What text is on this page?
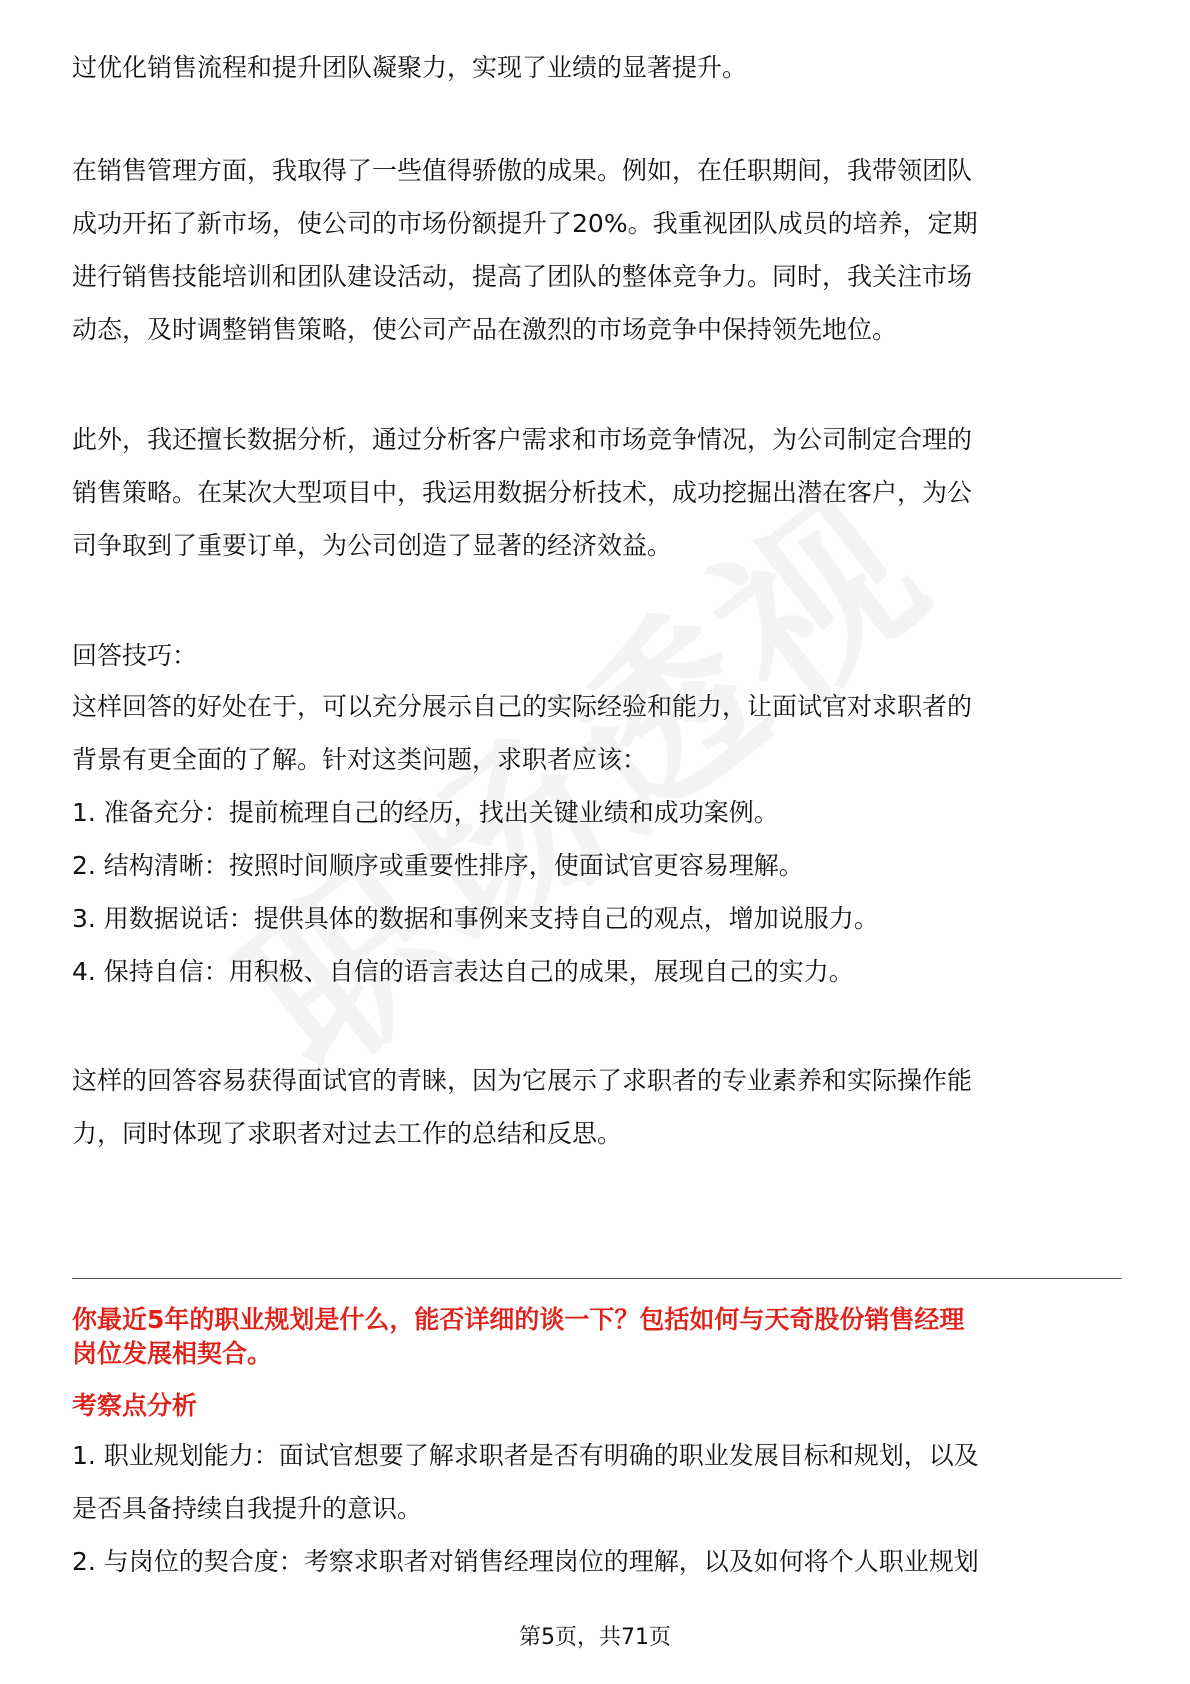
过优化销售流程和提升团队凝聚力，实现了业绩的显著提升。
在销售管理方面，我取得了一些值得骄傲的成果。例如，在任职期间，我带领团队
成功开拓了新市场，使公司的市场份额提升了20%。我重视团队成员的培养，定期
进行销售技能培训和团队建设活动，提高了团队的整体竞争力。同时，我关注市场
动态，及时调整销售策略，使公司产品在激烈的市场竞争中保持领先地位。
此外，我还擅长数据分析，通过分析客户需求和市场竞争情况，为公司制定合理的
销售策略。在某次大型项目中，我运用数据分析技术，成功挖掘出潜在客户，为公
司争取到了重要订单，为公司创造了显著的经济效益。
回答技巧：
这样回答的好处在于，可以充分展示自己的实际经验和能力，让面试官对求职者的
背景有更全面的了解。针对这类问题，求职者应该：
1. 准备充分：提前梳理自己的经历，找出关键业绩和成功案例。
2. 结构清晰：按照时间顺序或重要性排序，使面试官更容易理解。
3. 用数据说话：提供具体的数据和事例来支持自己的观点，增加说服力。
4. 保持自信：用积极、自信的语言表达自己的成果，展现自己的实力。
这样的回答容易获得面试官的青睐，因为它展示了求职者的专业素养和实际操作能
力，同时体现了求职者对过去工作的总结和反思。
你最近5年的职业规划是什么，能否详细的谈一下？包括如何与天奇股份销售经理
岗位发展相契合。
考察点分析
1. 职业规划能力：面试官想要了解求职者是否有明确的职业发展目标和规划，以及
是否具备持续自我提升的意识。
2. 与岗位的契合度：考察求职者对销售经理岗位的理解，以及如何将个人职业规划
第5页，共71页
